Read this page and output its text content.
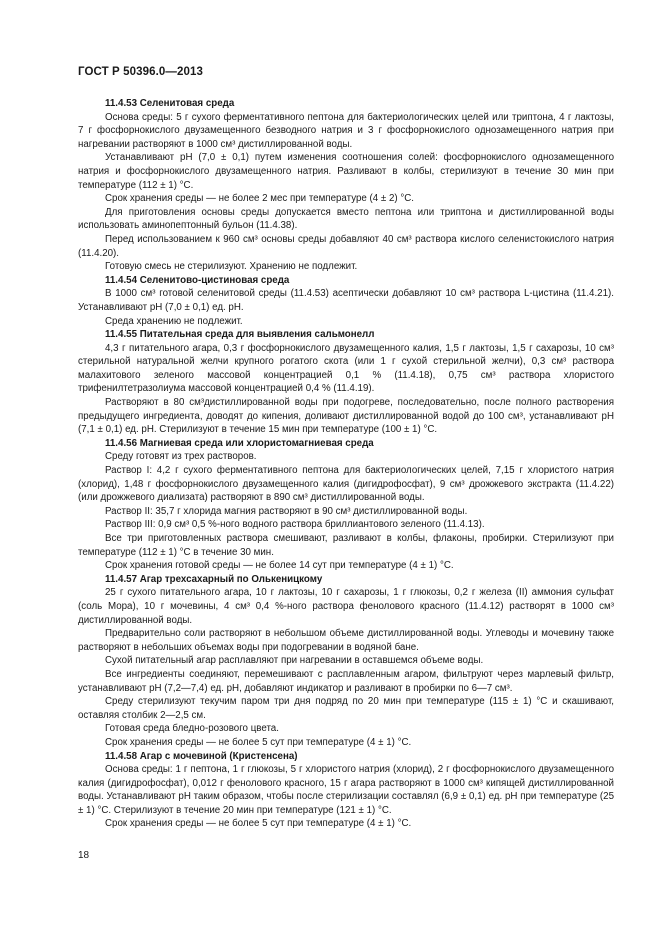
ГОСТ Р 50396.0—2013

11.4.53 Селенитовая среда

Основа среды: 5 г сухого ферментативного пептона для бактериологических целей или триптона, 4 г лактозы, 7 г фосфорнокислого двузамещенного безводного натрия и 3 г фосфорнокислого однозамещенного натрия при нагревании растворяют в 1000 см³ дистиллированной воды.

Устанавливают рН (7,0 ± 0,1) путем изменения соотношения солей: фосфорнокислого однозамещенного натрия и фосфорнокислого двузамещенного натрия. Разливают в колбы, стерилизуют в течение 30 мин при температуре (112 ± 1) °С.

Срок хранения среды — не более 2 мес при температуре (4 ± 2) °С.

Для приготовления основы среды допускается вместо пептона или триптона и дистиллированной воды использовать аминопептонный бульон (11.4.38).

Перед использованием к 960 см³ основы среды добавляют 40 см³ раствора кислого селенистокислого натрия (11.4.20).

Готовую смесь не стерилизуют. Хранению не подлежит.

11.4.54 Селенитово-цистиновая среда

В 1000 см³ готовой селенитовой среды (11.4.53) асептически добавляют 10 см³ раствора L-цистина (11.4.21). Устанавливают рН (7,0 ± 0,1) ед. рН.

Среда хранению не подлежит.

11.4.55 Питательная среда для выявления сальмонелл

4,3 г питательного агара, 0,3 г фосфорнокислого двузамещенного калия, 1,5 г лактозы, 1,5 г сахарозы, 10 см³ стерильной натуральной желчи крупного рогатого скота (или 1 г сухой стерильной желчи), 0,3 см³ раствора малахитового зеленого массовой концентрацией 0,1 % (11.4.18), 0,75 см³ раствора хлористого трифенилтетразолиума массовой концентрацией 0,4 % (11.4.19).

Растворяют в 80 см³дистиллированной воды при подогреве, последовательно, после полного растворения предыдущего ингредиента, доводят до кипения, доливают дистиллированной водой до 100 см³, устанавливают рН (7,1 ± 0,1) ед. рН. Стерилизуют в течение 15 мин при температуре (100 ± 1) °С.

11.4.56 Магниевая среда или хлористомагниевая среда

Среду готовят из трех растворов.

Раствор I: 4,2 г сухого ферментативного пептона для бактериологических целей, 7,15 г хлористого натрия (хлорид), 1,48 г фосфорнокислого двузамещенного калия (дигидрофосфат), 9 см³ дрожжевого экстракта (11.4.22) (или дрожжевого диализата) растворяют в 890 см³ дистиллированной воды.

Раствор II: 35,7 г хлорида магния растворяют в 90 см³ дистиллированной воды.

Раствор III: 0,9 см³ 0,5 %-ного водного раствора бриллиантового зеленого (11.4.13).

Все три приготовленных раствора смешивают, разливают в колбы, флаконы, пробирки. Стерилизуют при температуре (112 ± 1) °С в течение 30 мин.

Срок хранения готовой среды — не более 14 сут при температуре (4 ± 1) °С.

11.4.57 Агар трехсахарный по Олькеницкому

25 г сухого питательного агара, 10 г лактозы, 10 г сахарозы, 1 г глюкозы, 0,2 г железа (II) аммония сульфат (соль Мора), 10 г мочевины, 4 см³ 0,4 %-ного раствора фенолового красного (11.4.12) растворят в 1000 см³ дистиллированной воды.

Предварительно соли растворяют в небольшом объеме дистиллированной воды. Углеводы и мочевину также растворяют в небольших объемах воды при подогревании в водяной бане.

Сухой питательный агар расплавляют при нагревании в оставшемся объеме воды.

Все ингредиенты соединяют, перемешивают с расплавленным агаром, фильтруют через марлевый фильтр, устанавливают рН (7,2—7,4) ед. рН, добавляют индикатор и разливают в пробирки по 6—7 см³.

Среду стерилизуют текучим паром три дня подряд по 20 мин при температуре (115 ± 1) °С и скашивают, оставляя столбик 2—2,5 см.

Готовая среда бледно-розового цвета.

Срок хранения среды — не более 5 сут при температуре (4 ± 1) °С.

11.4.58 Агар с мочевиной (Кристенсена)

Основа среды: 1 г пептона, 1 г глюкозы, 5 г хлористого натрия (хлорид), 2 г фосфорнокислого двузамещенного калия (дигидрофосфат), 0,012 г фенолового красного, 15 г агара растворяют в 1000 см³ кипящей дистиллированной воды. Устанавливают рН таким образом, чтобы после стерилизации составлял (6,9 ± 0,1) ед. рН при температуре (25 ± 1) °С. Стерилизуют в течение 20 мин при температуре (121 ± 1) °С.

Срок хранения среды — не более 5 сут при температуре (4 ± 1) °С.

18
